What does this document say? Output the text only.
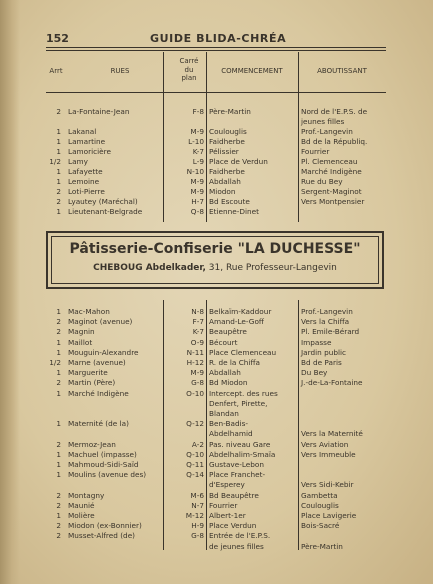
152	GUIDE BLIDA-CHRÉA
Arrt	RUES
Carré
du
plan
COMMENCEMENT	ABOUTISSANT
2 La-Fontaine-Jean	F-8 Père-Martin	Nord de l'E.P.S. de
jeunes filles
1 Lakanal	M-9 Coulouglis	Prof.-Langevin
1 Lamartine	L-10 Faidherbe	Bd de la Républiq.
1 Lamoricière	K-7 Pélissier	Fourrier
1/2 Lamy	L-9 Place de Verdun	Pl. Clemenceau
1 Lafayette	N-10 Faidherbe	Marché Indigène
1 Lemoine	M-9 Abdallah	Rue du Bey
2 Loti-Pierre	M-9 Miodon	Sergent-Maginot
2 Lyautey (Maréchal)	H-7 Bd Escoute	Vers Montpensier
1 Lieutenant-Belgrade	Q-8 Etienne-Dinet
Pâtisserie-Confiserie "LA DUCHESSE"
CHEBOUG Abdelkader, 31, Rue Professeur-Langevin
1 Mac-Mahon	N-8 Belkaïm-Kaddour	Prof.-Langevin
2 Maginot (avenue)	F-7 Amand-Le-Goff	Vers la Chiffa
2 Magnin	K-7 Beaupêtre	Pl. Emile-Bérard
1 Maillot	O-9 Bécourt	Impasse
1 Mouguin-Alexandre	N-11 Place Clemenceau	Jardin public
1/2 Marne (avenue)	H-12 R. de la Chiffa	Bd de Paris
1 Marguerite	M-9 Abdallah	Du Bey
2 Martin (Père)	G-8 Bd Miodon	J.-de-La-Fontaine
1 Marché Indigène	O-10 Intercept. des rues
Denfert, Pirette,
Blandan
1 Maternité (de la)	Q-12 Ben-Badis-
Abdelhamid	Vers la Maternité
2 Mermoz-Jean	A-2 Pas. niveau Gare	Vers Aviation
1 Machuel (impasse)	Q-10 Abdelhalim-Smaïa	Vers Immeuble
1 Mahmoud-Sidi-Saïd	Q-11 Gustave-Lebon
1 Moulins (avenue des)	Q-14 Place Franchet-
d'Esperey	Vers Sidi-Kebir
2 Montagny	M-6 Bd Beaupêtre	Gambetta
2 Maunié	N-7 Fourrier	Coulouglis
1 Molière	M-12 Albert-1er	Place Lavigerie
2 Miodon (ex-Bonnier)	H-9 Place Verdun	Bois-Sacré
2 Musset-Alfred (de)	G-8 Entrée de l'E.P.S.
de jeunes filles	Père-Martin
